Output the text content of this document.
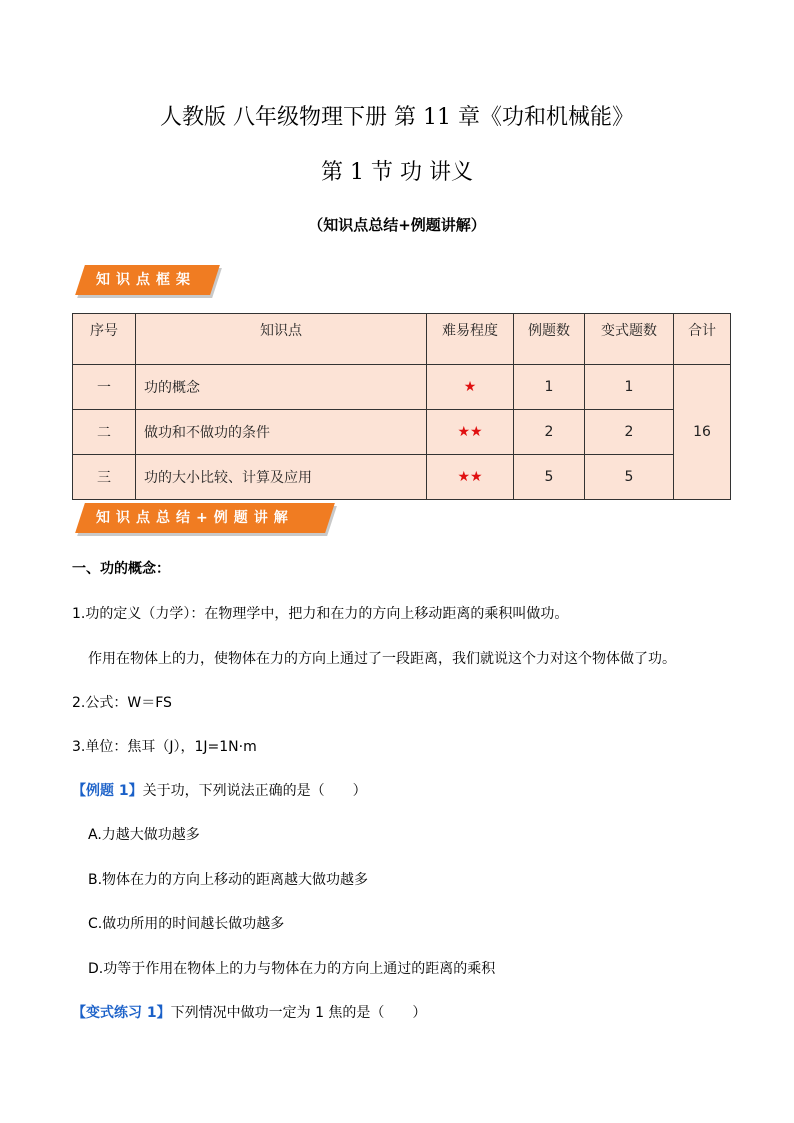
人教版 八年级物理下册 第 11 章《功和机械能》
第 1 节 功 讲义
（知识点总结+例题讲解）
知识点框架
序号	知识点	难易程度	例题数	变式题数	合计
一	功的概念	★	1	1	16
二	做功和不做功的条件	★★	2	2	
三	功的大小比较、计算及应用	★★	5	5	
知识点总结+例题讲解
一、功的概念：
1.功的定义（力学）：在物理学中，把力和在力的方向上移动距离的乘积叫做功。
作用在物体上的力，使物体在力的方向上通过了一段距离，我们就说这个力对这个物体做了功。
2.公式：W＝FS
3.单位：焦耳（J），1J=1N·m
【例题 1】关于功，下列说法正确的是（　　）
A.力越大做功越多
B.物体在力的方向上移动的距离越大做功越多
C.做功所用的时间越长做功越多
D.功等于作用在物体上的力与物体在力的方向上通过的距离的乘积
【变式练习 1】下列情况中做功一定为 1 焦的是（　　）
